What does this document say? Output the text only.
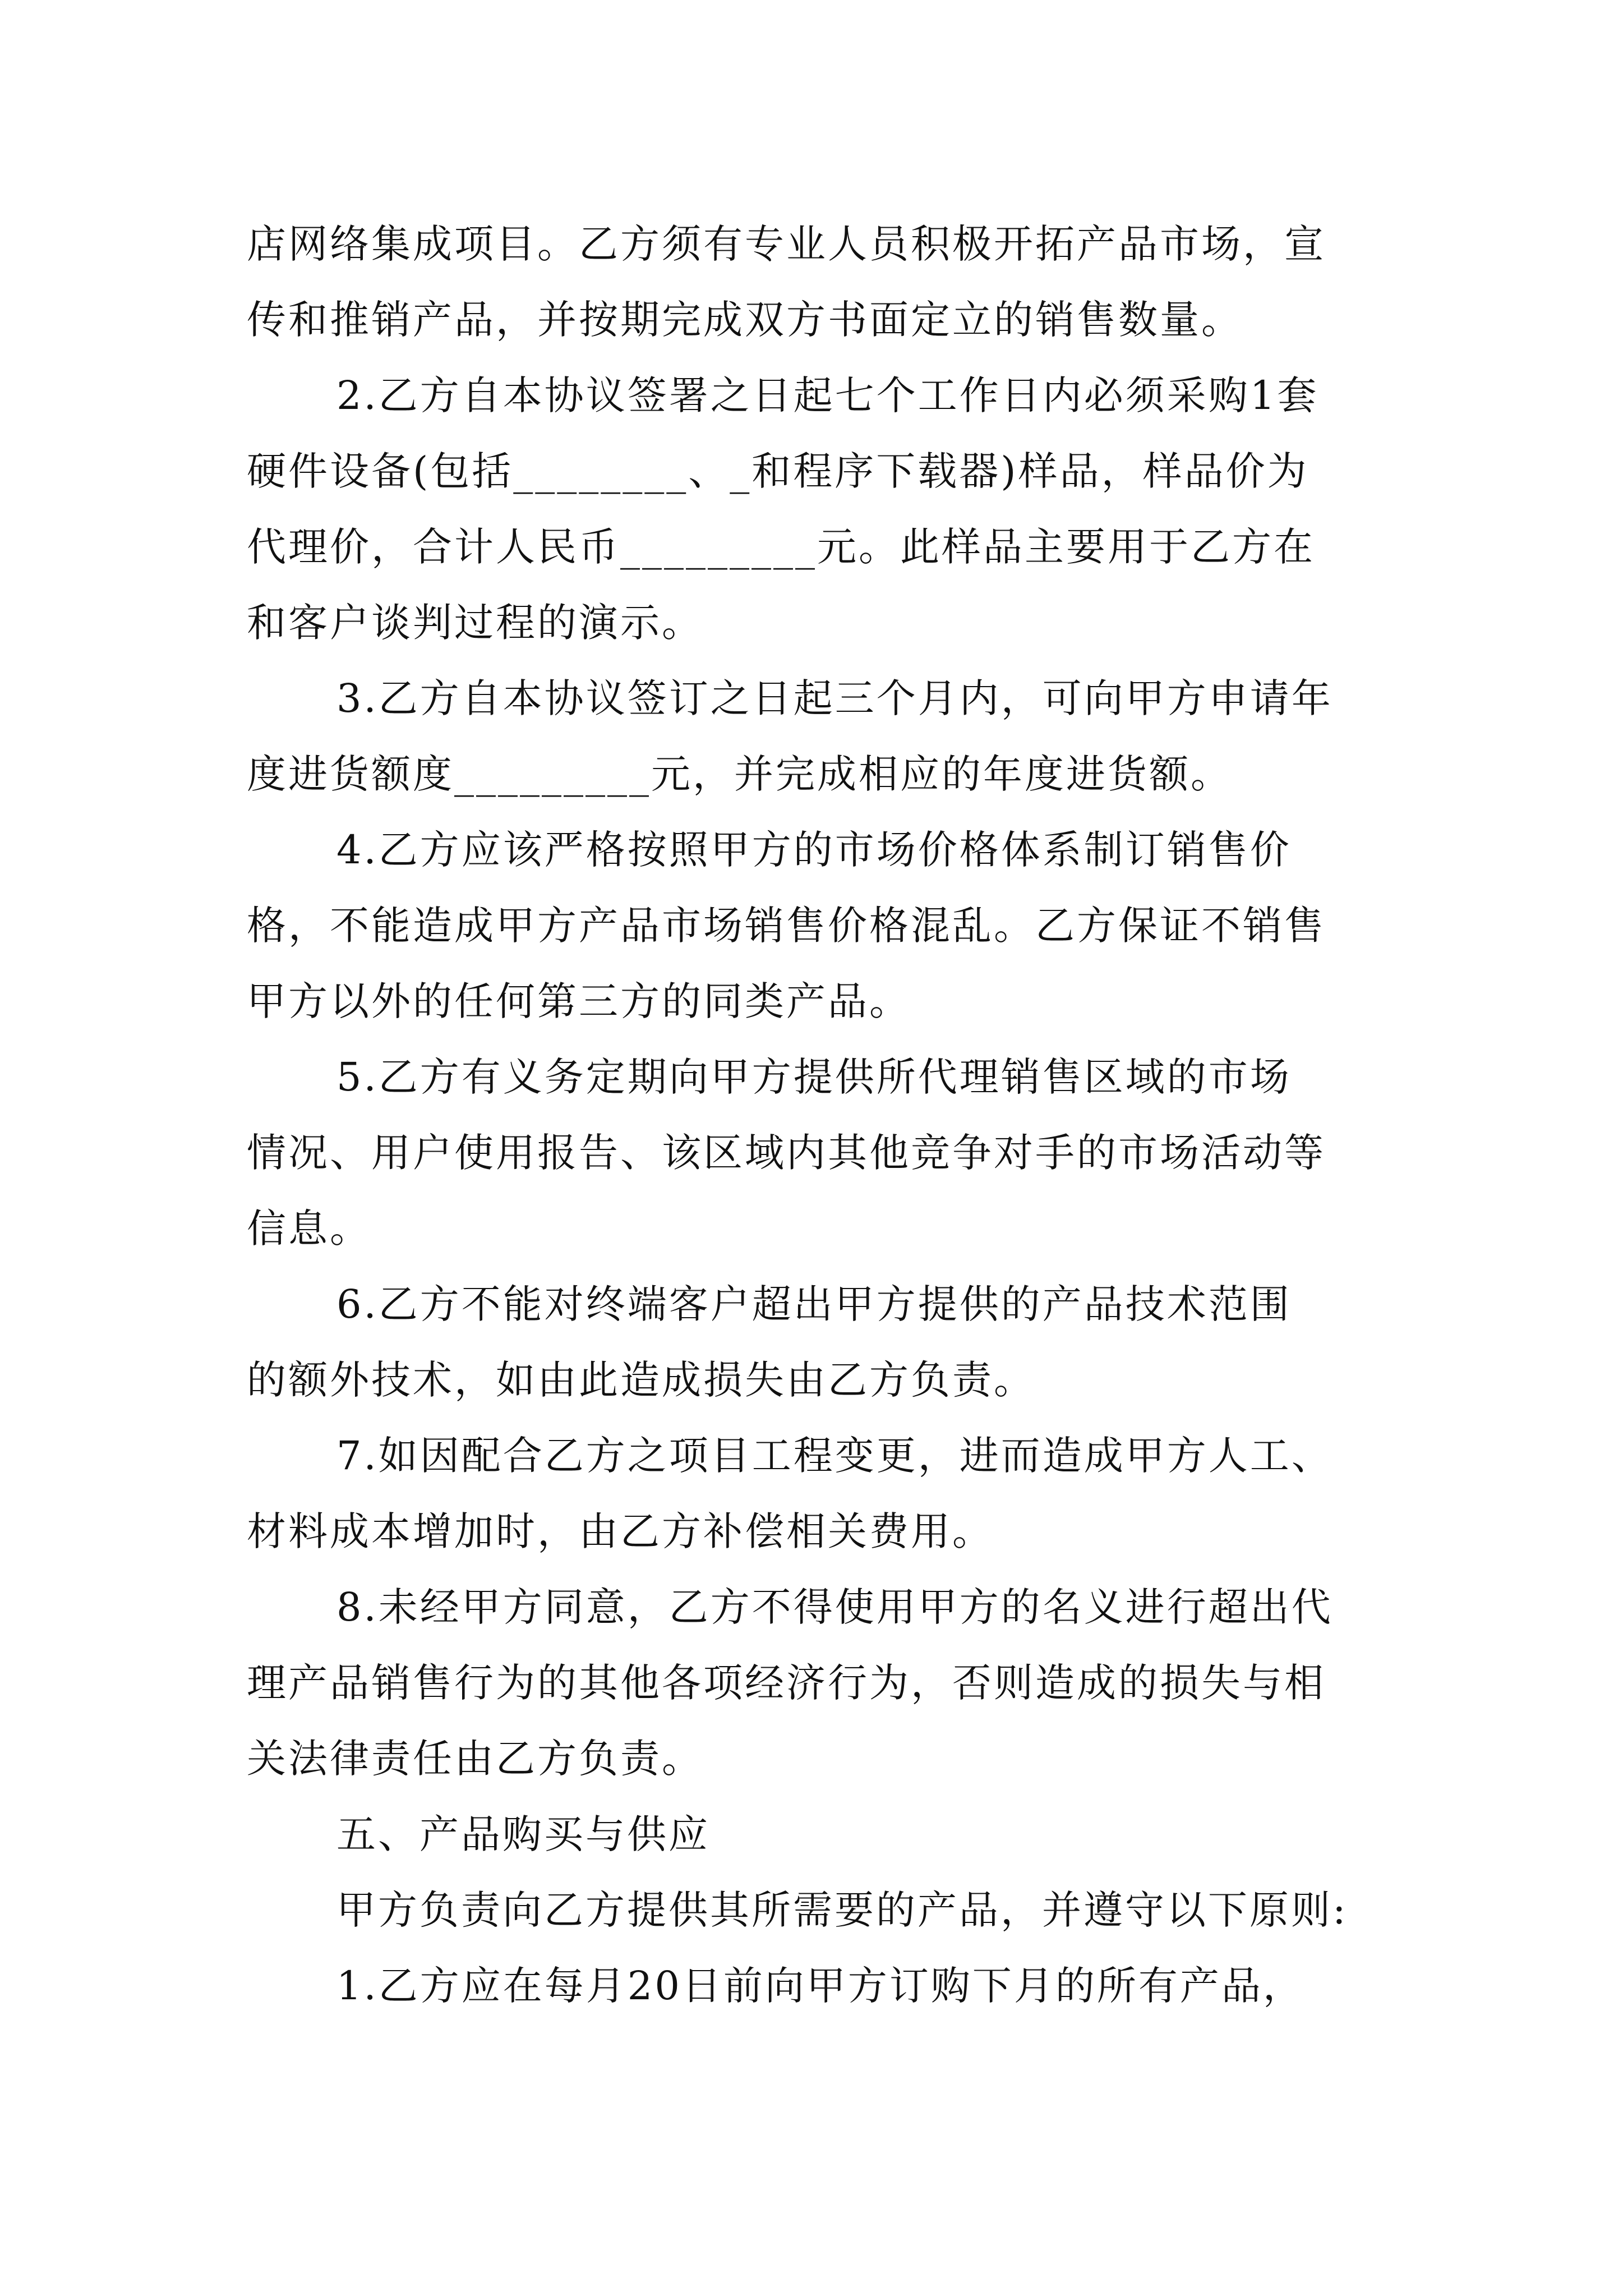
店网络集成项目。乙方须有专业人员积极开拓产品市场，宣
传和推销产品，并按期完成双方书面定立的销售数量。
2.乙方自本协议签署之日起七个工作日内必须采购1套
硬件设备(包括________、_和程序下载器)样品，样品价为
代理价，合计人民币_________元。此样品主要用于乙方在
和客户谈判过程的演示。
3.乙方自本协议签订之日起三个月内，可向甲方申请年
度进货额度_________元，并完成相应的年度进货额。
4.乙方应该严格按照甲方的市场价格体系制订销售价
格，不能造成甲方产品市场销售价格混乱。乙方保证不销售
甲方以外的任何第三方的同类产品。
5.乙方有义务定期向甲方提供所代理销售区域的市场
情况、用户使用报告、该区域内其他竞争对手的市场活动等
信息。
6.乙方不能对终端客户超出甲方提供的产品技术范围
的额外技术，如由此造成损失由乙方负责。
7.如因配合乙方之项目工程变更，进而造成甲方人工、
材料成本增加时，由乙方补偿相关费用。
8.未经甲方同意，乙方不得使用甲方的名义进行超出代
理产品销售行为的其他各项经济行为，否则造成的损失与相
关法律责任由乙方负责。
五、产品购买与供应
甲方负责向乙方提供其所需要的产品，并遵守以下原则:
1.乙方应在每月20日前向甲方订购下月的所有产品，
